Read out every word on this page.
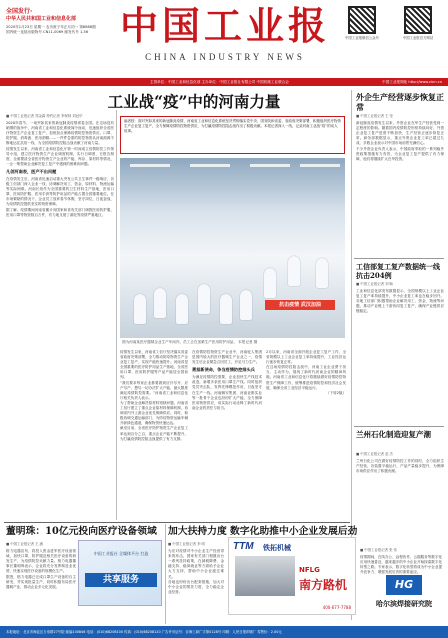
全国发行·
中华人民共和国工业和信息化部
2020年1月23日 星期一 农历庚子年正月初一 第8888期 国内统一连续出版物号 CN11-0069 邮发代号 1-56 中国工业报
CHINA INDUSTRY NEWS
中国工业报微信公众号	中国工业报官方网站
主管单位：中国工业和信息化部 主办单位：中国工业报社有限公司 中国机械工业联合会	中国工业报网址 http://www.cinn.cn
工业战“疫”中的河南力量
编者按：面对突如其来的新冠肺炎疫情，河南省工业和信息化系统坚决贯彻落实党中央、国务院和省委、省政府决策部署，积极组织医疗物资生产企业复工复产，全力保障疫情防控物资供应，为打赢疫情防控阻击战作出了积极贡献。本报记者深入一线，记录河南工业战“疫”的动人故事。
抗击疫情 武汉加油
图为河南某医疗器械企业生产车间内，员工正在加紧生产医用防护用品。 本报记者 摄
■ 中国工业报记者 郑金霖 特约记者 李保林 刘冠华

2020年春节，一场突如其来的新冠肺炎疫情席卷全国。在这场没有硝烟的战争中，河南省工业和信息化系统闻令而动，迅速组织全省医疗物资生产企业复工复产，加班加点保障疫情防控物资供应。口罩、防护服、消毒液、医用酒精……一件件急需的防控物资从河南源源不断地运往抗疫一线，为全国疫情防控阻击战贡献了河南力量。

疫情发生以来，河南省工业和信息化厅第一时间成立疫情防控工作领导小组，建立医疗物资生产企业调度机制，实行日调度、日报告制度，全面摸清全省医疗物资生产企业的产能、库存、原材料等情况，一企一策帮助企业解决复工复产中遇到的困难和问题。

凡创河南表，医产不出问题

在疫情发生后，河南省迅速启动重大突发公共卫生事件一级响应，各级工信部门深入企业一线，协调解决用工、资金、原材料、物流运输等实际困难。河南长垣作为全国重要的卫生材料生产基地，医用口罩、医用防护服、医用手套等防护用品的产能占据全国重要地位。在市场紧缺的情况下，企业员工放弃春节休假，坚守岗位，日夜奋战，为疫情防控提供坚实的物资保障。

据了解，疫情期间河南省累计向国家和省有关部门调拨医用防护服、医用口罩等物资数百万件，有力地支援了湖北等疫情严重地区。

疫情发生以来，河南省工信厅坚决落实省委省政府决策部署，全力推动防疫物资生产企业复工复产，实现产能快速提升。河南省是全国重要的医疗防护用品生产基地，全省医用口罩、医用防护服等产品产能居全国前列。

“我们要求每家企业都要做到应开尽开、应产尽产，想尽一切办法扩大产能，最大限度满足疫情防控需要。”河南省工业和信息化厅相关负责人表示。

为了帮助企业解决原材料短缺问题，河南省工信厅建立了重点企业原材料保障机制，协调省内外上游企业优先保障供应。同时，积极协调交通运输部门，为防疫物资运输车辆开辟绿色通道，确保物资快速运达。

截至目前，全省医疗防护物资生产企业复工率达到百分之百，重点企业产能不断提升，为打赢疫情防控阻击战提供了有力支撑。

在疫情防控物资生产企业中，河南驼人集团是国内较大的医疗器械生产企业之一，疫情发生后企业紧急召回员工，开足马力生产。

勇担新使命，争当疫情防控排头兵

为满足疫情防控需要，企业加快生产线技术改造，新增多条医用口罩生产线。同时组织党员突击队，发挥先锋模范作用，日夜坚守在生产一线。河南飘安集团、河南亚都实业等一批骨干企业也纷纷扩大产能，全力保障医用物资供应，用实际行动诠释了新时代河南企业的责任与担当。

2月以来，河南省全面开展企业复工复产工作，全省规模以上工业企业复工率持续提升，工业经济运行逐步恢复正常。

在这场疫情防控阻击战中，河南工业企业勇于担当、主动作为，展现了新时代河南企业的精神风貌。河南省工业和信息化厅将继续做好疫情防控物资生产保障工作，统筹推进疫情防控和经济社会发展，确保全省工业经济平稳运行。

（下转2版）

外企生产经营逐步恢复正常
■ 中国工业报记者 王 莹

新冠肺炎疫情发生以来，外资企业在华生产经营受到一定程度的影响。随着国内疫情防控形势持续向好，外资企业复工复产进度不断加快，生产经营正逐步恢复正常。商务部数据显示，重点外资企业复工率已超过九成，多数企业表示对中国市场前景充满信心。

不少外资企业负责人表示，中国政府采取的一系列稳外资政策措施有力有效，为企业复工复产提供了有力保障，他们将继续扩大在华投资。

工信部复工复产数据统一线抗击204例
■ 中国工业报记者 刘 畅

工业和信息化部发布数据显示，全国规模以上工业企业复工复产率持续提升，中小企业复工率也在稳步回升。各地工信部门积极帮助企业解决用工、资金、物流等问题，推动产业链上下游协同复工复产，确保产业链供应链稳定。

兰州石化制造迎复产潮
■ 中国工业报记者 赵 杰

兰州石化公司在做好疫情防控工作的同时，全力组织生产经营，各装置平稳运行，产品产量稳步提升，为保障市场供应作出了积极贡献。

董明珠：10亿元投向医疗设备领域
■ 中国工业报记者 王 涵

格力电器宣布，将投入资金进军医疗设备领域，加快口罩、防护服及相关医疗设备的研发生产，为疫情防控贡献力量。格力电器董事长董明珠表示，企业将充分发挥制造业优势，快速实现医疗设备的规模化生产。

据悉，格力电器已完成口罩生产设备的自主研发，并实现批量生产，同时积极布局医疗器械产业，推动企业多元化发展。

中国工业报社 全媒体平台 打造
共享服务
加大扶持力度
■ 中国工业报记者 李 明

为应对疫情对中小企业生产经营带来的冲击，国家有关部门相继出台一系列扶持政策，在减税降费、金融支持、稳岗就业等方面给予企业大力支持，帮助中小企业渡过难关。

各地也纷纷出台配套措施，加大对中小企业的帮扶力度，全力稳定企业经营。

数字化助推中小企业发展后劲
TTM 铁拓机械
NFLG
南方路机
400-677-7788
HG
哈尔滨焊接研究院
本报地址：北京市海淀区万寿路27号院 邮编100846 电话：(010)68208100 传真：(010)68208120 广告许可证号：京海工商广字第0128号 印刷：人民日报印刷厂 零售价：2.00元
■ 中国工业报记者 张 伟

疫情期间，在线办公、远程协作、云端服务等数字化应用快速普及，越来越多的中小企业开始探索数字化转型之路。专家表示，数字化转型将成为中小企业提升竞争力、增强发展后劲的重要途径。
